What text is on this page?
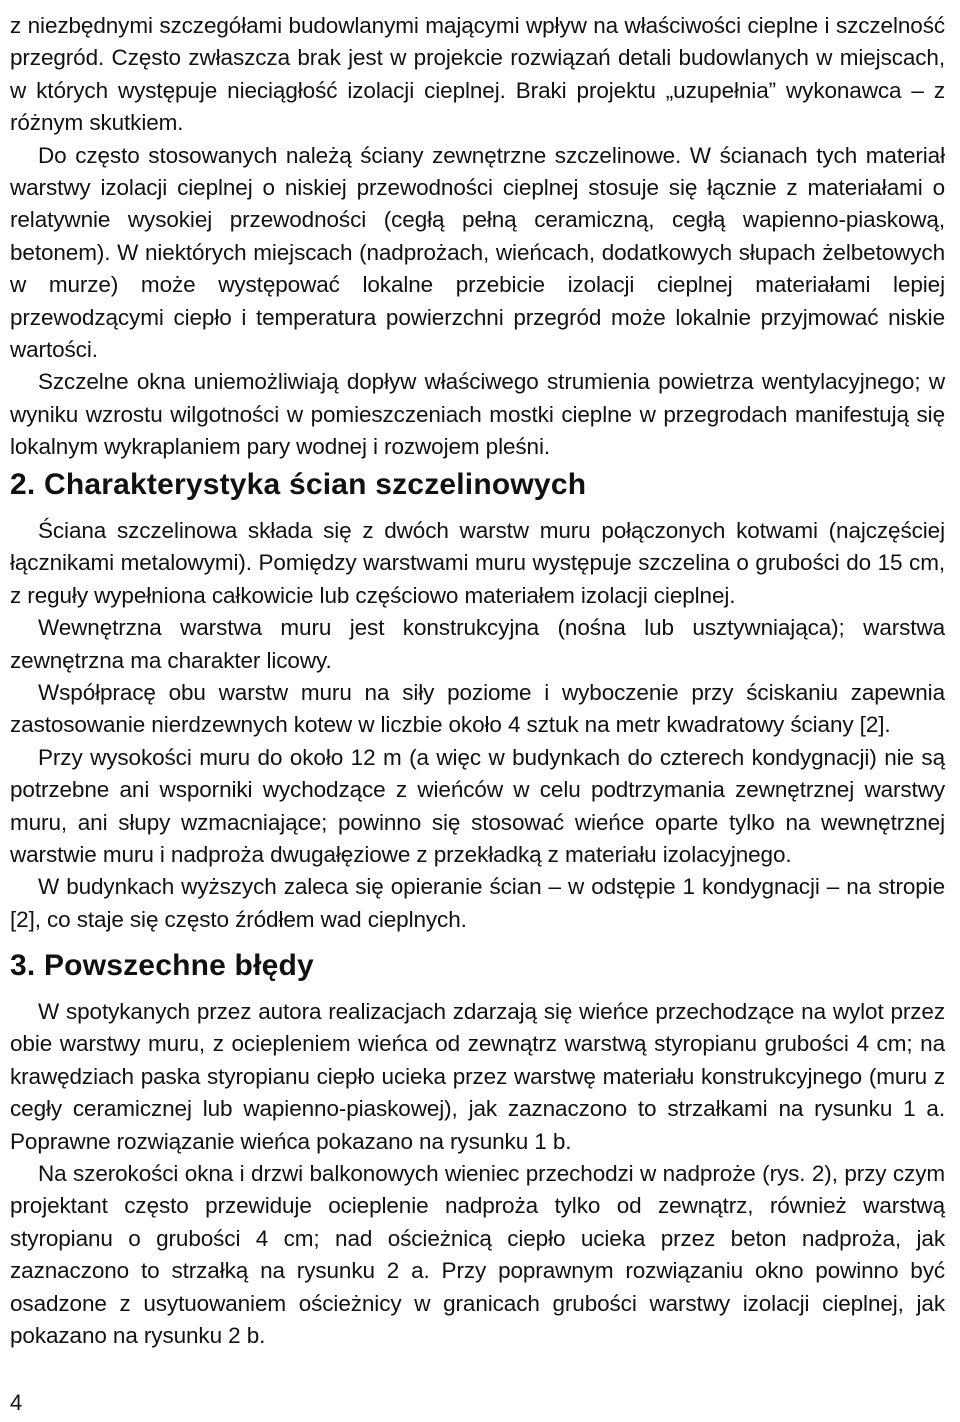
z niezbędnymi szczegółami budowlanymi mającymi wpływ na właściwości cieplne i szczelność przegród. Często zwłaszcza brak jest w projekcie rozwiązań detali budowlanych w miejscach, w których występuje nieciągłość izolacji cieplnej. Braki projektu „uzupełnia” wykonawca – z różnym skutkiem.

Do często stosowanych należą ściany zewnętrzne szczelinowe. W ścianach tych materiał warstwy izolacji cieplnej o niskiej przewodności cieplnej stosuje się łącznie z materiałami o relatywnie wysokiej przewodności (cegłą pełną ceramiczną, cegłą wapienno-piaskową, betonem). W niektórych miejscach (nadprożach, wieńcach, dodatkowych słupach żelbetowych w murze) może występować lokalne przebicie izolacji cieplnej materiałami lepiej przewodzącymi ciepło i temperatura powierzchni przegród może lokalnie przyjmować niskie wartości.

Szczelne okna uniemożliwiają dopływ właściwego strumienia powietrza wentylacyjnego; w wyniku wzrostu wilgotności w pomieszczeniach mostki cieplne w przegrodach manifestują się lokalnym wykraplaniem pary wodnej i rozwojem pleśni.

2. Charakterystyka ścian szczelinowych

Ściana szczelinowa składa się z dwóch warstw muru połączonych kotwami (najczęściej łącznikami metalowymi). Pomiędzy warstwami muru występuje szczelina o grubości do 15 cm, z reguły wypełniona całkowicie lub częściowo materiałem izolacji cieplnej.

Wewnętrzna warstwa muru jest konstrukcyjna (nośna lub usztywniająca); warstwa zewnętrzna ma charakter licowy.

Współpracę obu warstw muru na siły poziome i wyboczenie przy ściskaniu zapewnia zastosowanie nierdzewnych kotew w liczbie około 4 sztuk na metr kwadratowy ściany [2].

Przy wysokości muru do około 12 m (a więc w budynkach do czterech kondygnacji) nie są potrzebne ani wsporniki wychodzące z wieńców w celu podtrzymania zewnętrznej warstwy muru, ani słupy wzmacniające; powinno się stosować wieńce oparte tylko na wewnętrznej warstwie muru i nadproża dwugałęziowe z przekładką z materiału izolacyjnego.

W budynkach wyższych zaleca się opieranie ścian – w odstępie 1 kondygnacji – na stropie [2], co staje się często źródłem wad cieplnych.

3. Powszechne błędy

W spotykanych przez autora realizacjach zdarzają się wieńce przechodzące na wylot przez obie warstwy muru, z ociepleniem wieńca od zewnątrz warstwą styropianu grubości 4 cm; na krawędziach paska styropianu ciepło ucieka przez warstwę materiału konstrukcyjnego (muru z cegły ceramicznej lub wapienno-piaskowej), jak zaznaczono to strzałkami na rysunku 1 a. Poprawne rozwiązanie wieńca pokazano na rysunku 1 b.

Na szerokości okna i drzwi balkonowych wieniec przechodzi w nadproże (rys. 2), przy czym projektant często przewiduje ocieplenie nadproża tylko od zewnątrz, również warstwą styropianu o grubości 4 cm; nad ościeżnicą ciepło ucieka przez beton nadproża, jak zaznaczono to strzałką na rysunku 2 a. Przy poprawnym rozwiązaniu okno powinno być osadzone z usytuowaniem ościeżnicy w granicach grubości warstwy izolacji cieplnej, jak pokazano na rysunku 2 b.

4
